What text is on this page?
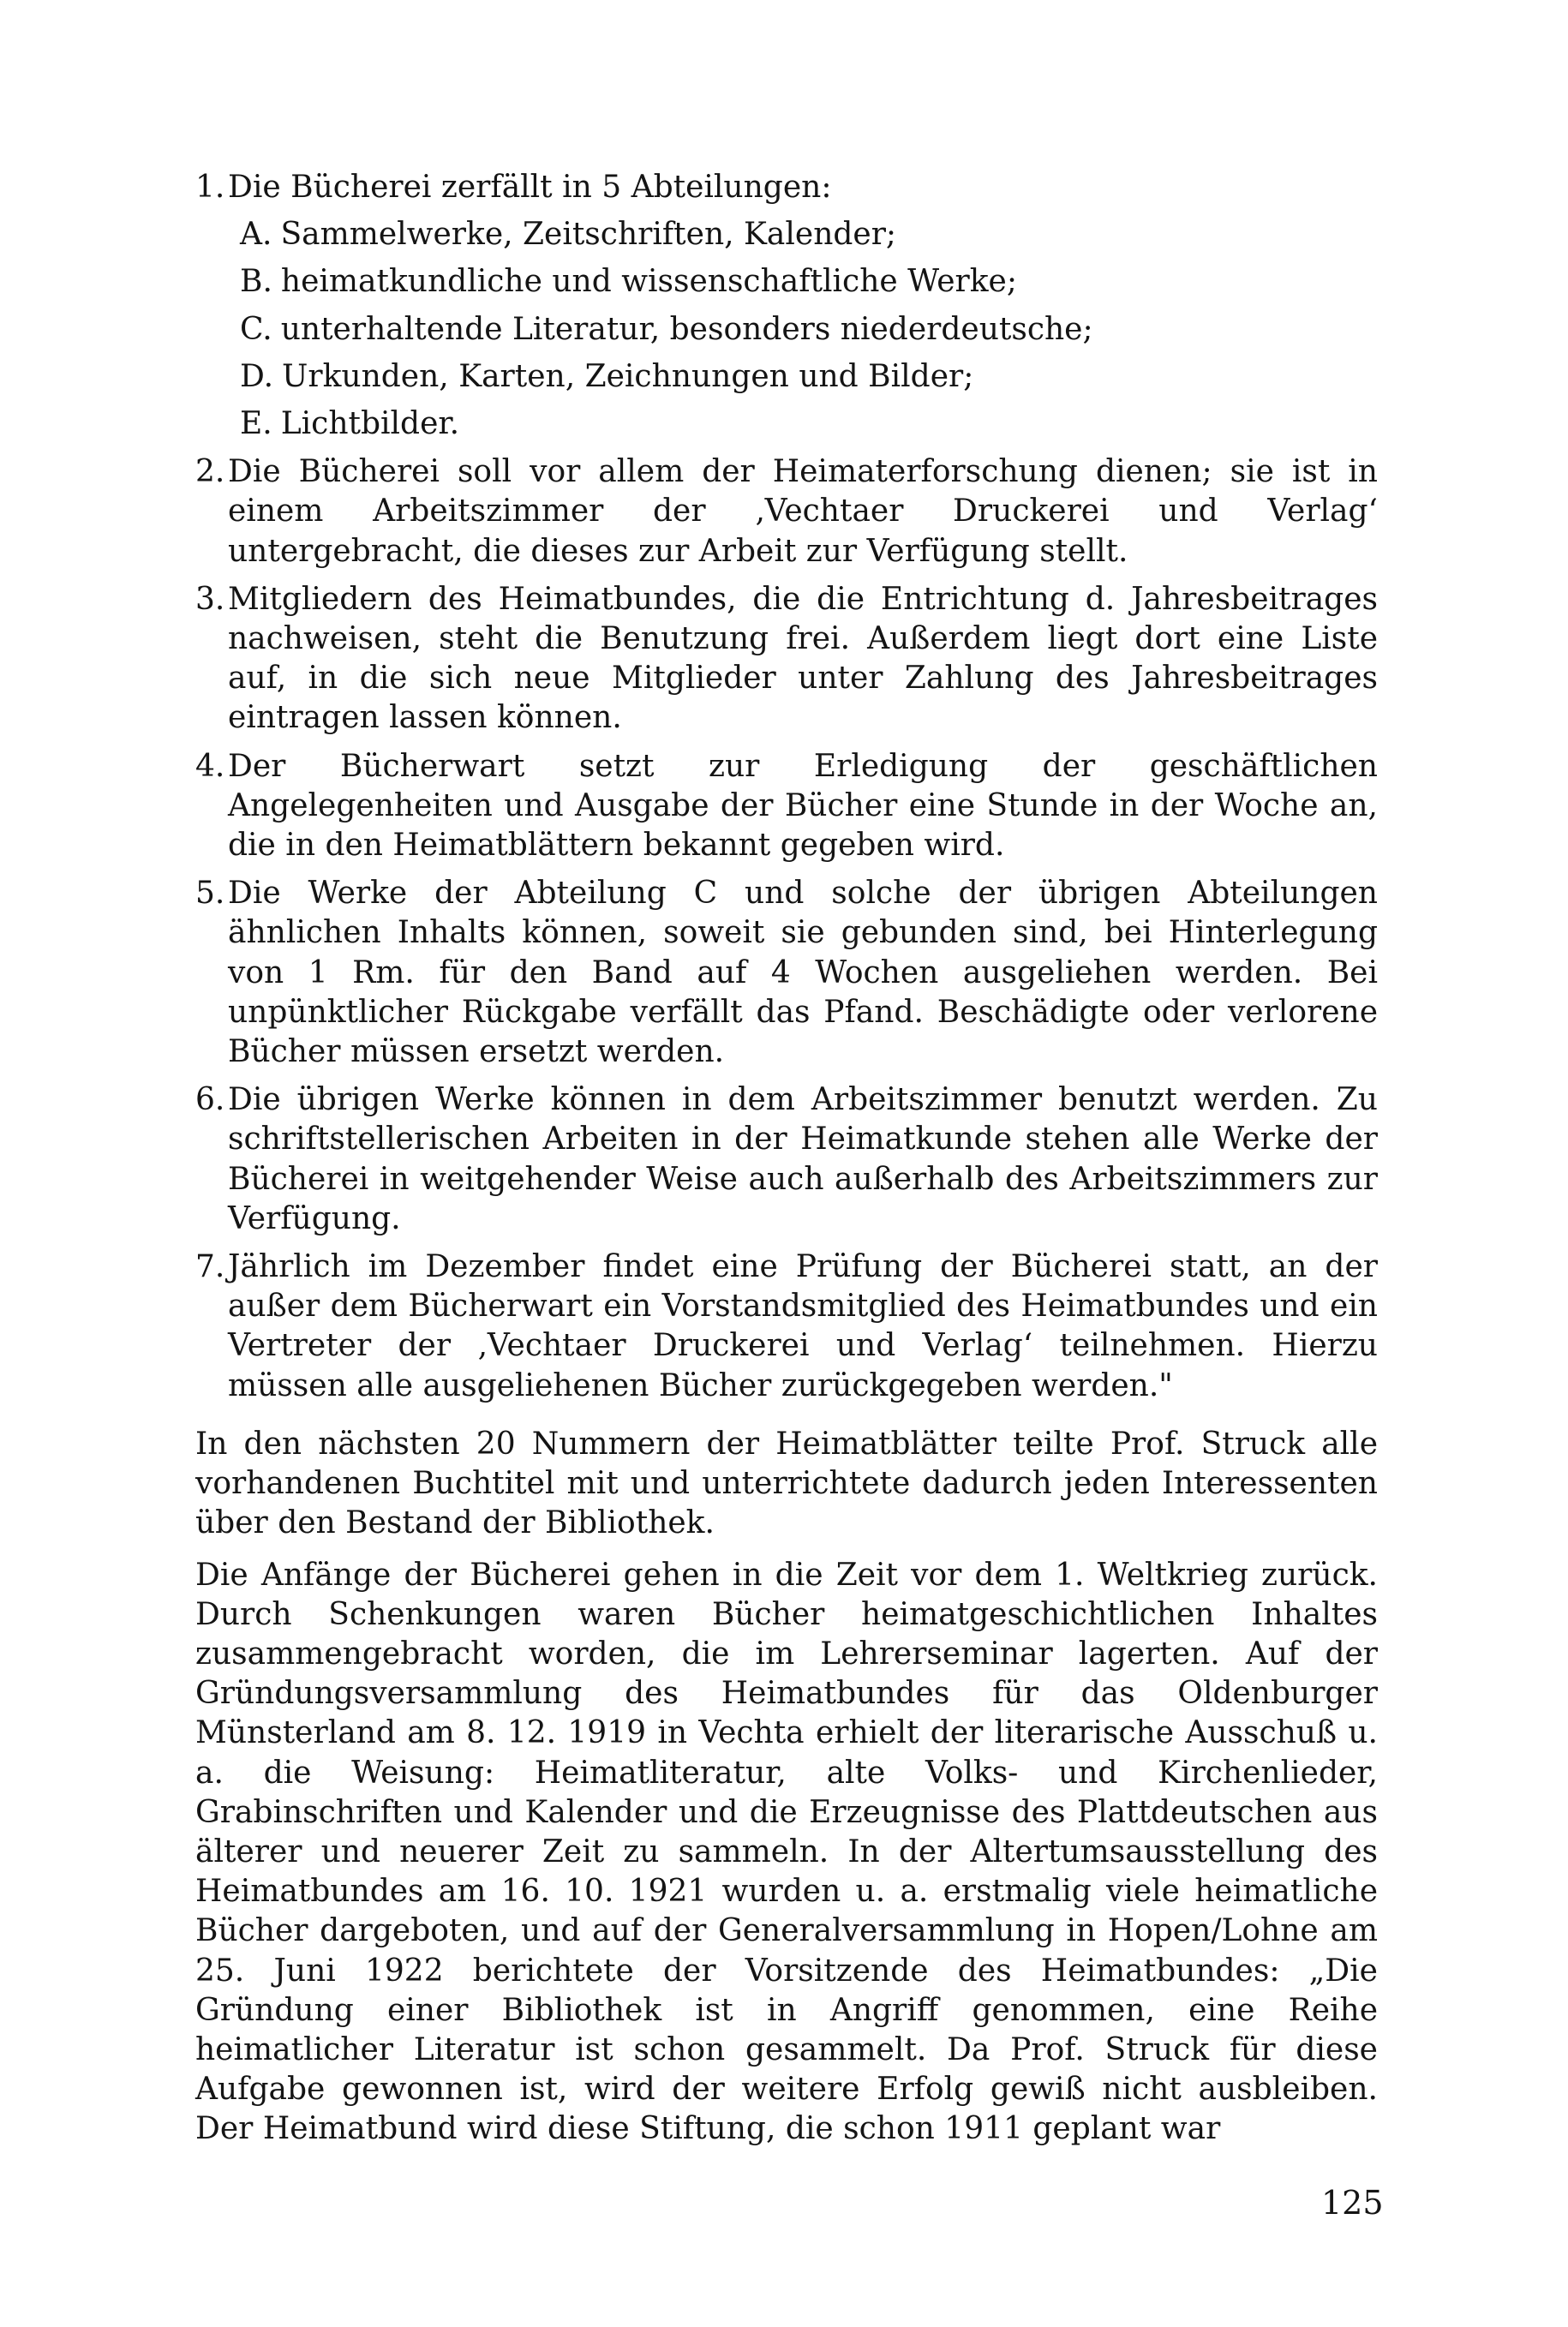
1. Die Bücherei zerfällt in 5 Abteilungen:
A. Sammelwerke, Zeitschriften, Kalender;
B. heimatkundliche und wissenschaftliche Werke;
C. unterhaltende Literatur, besonders niederdeutsche;
D. Urkunden, Karten, Zeichnungen und Bilder;
E. Lichtbilder.
2. Die Bücherei soll vor allem der Heimaterforschung dienen; sie ist in einem Arbeitszimmer der ‚Vechtaer Druckerei und Verlag‘ untergebracht, die dieses zur Arbeit zur Verfügung stellt.
3. Mitgliedern des Heimatbundes, die die Entrichtung d. Jahresbeitrages nachweisen, steht die Benutzung frei. Außerdem liegt dort eine Liste auf, in die sich neue Mitglieder unter Zahlung des Jahresbeitrages eintragen lassen können.
4. Der Bücherwart setzt zur Erledigung der geschäftlichen Angelegenheiten und Ausgabe der Bücher eine Stunde in der Woche an, die in den Heimatblättern bekannt gegeben wird.
5. Die Werke der Abteilung C und solche der übrigen Abteilungen ähnlichen Inhalts können, soweit sie gebunden sind, bei Hinterlegung von 1 Rm. für den Band auf 4 Wochen ausgeliehen werden. Bei unpünktlicher Rückgabe verfällt das Pfand. Beschädigte oder verlorene Bücher müssen ersetzt werden.
6. Die übrigen Werke können in dem Arbeitszimmer benutzt werden. Zu schriftstellerischen Arbeiten in der Heimatkunde stehen alle Werke der Bücherei in weitgehender Weise auch außerhalb des Arbeitszimmers zur Verfügung.
7. Jährlich im Dezember findet eine Prüfung der Bücherei statt, an der außer dem Bücherwart ein Vorstandsmitglied des Heimatbundes und ein Vertreter der ‚Vechtaer Druckerei und Verlag‘ teilnehmen. Hierzu müssen alle ausgeliehenen Bücher zurückgegeben werden."

In den nächsten 20 Nummern der Heimatblätter teilte Prof. Struck alle vorhandenen Buchtitel mit und unterrichtete dadurch jeden Interessenten über den Bestand der Bibliothek.

Die Anfänge der Bücherei gehen in die Zeit vor dem 1. Weltkrieg zurück. Durch Schenkungen waren Bücher heimatgeschichtlichen Inhaltes zusammengebracht worden, die im Lehrerseminar lagerten. Auf der Gründungsversammlung des Heimatbundes für das Oldenburger Münsterland am 8. 12. 1919 in Vechta erhielt der literarische Ausschuß u. a. die Weisung: Heimatliteratur, alte Volks- und Kirchenlieder, Grabinschriften und Kalender und die Erzeugnisse des Plattdeutschen aus älterer und neuerer Zeit zu sammeln. In der Altertumsausstellung des Heimatbundes am 16. 10. 1921 wurden u. a. erstmalig viele heimatliche Bücher dargeboten, und auf der Generalversammlung in Hopen/Lohne am 25. Juni 1922 berichtete der Vorsitzende des Heimatbundes: „Die Gründung einer Bibliothek ist in Angriff genommen, eine Reihe heimatlicher Literatur ist schon gesammelt. Da Prof. Struck für diese Aufgabe gewonnen ist, wird der weitere Erfolg gewiß nicht ausbleiben. Der Heimatbund wird diese Stiftung, die schon 1911 geplant war

125
